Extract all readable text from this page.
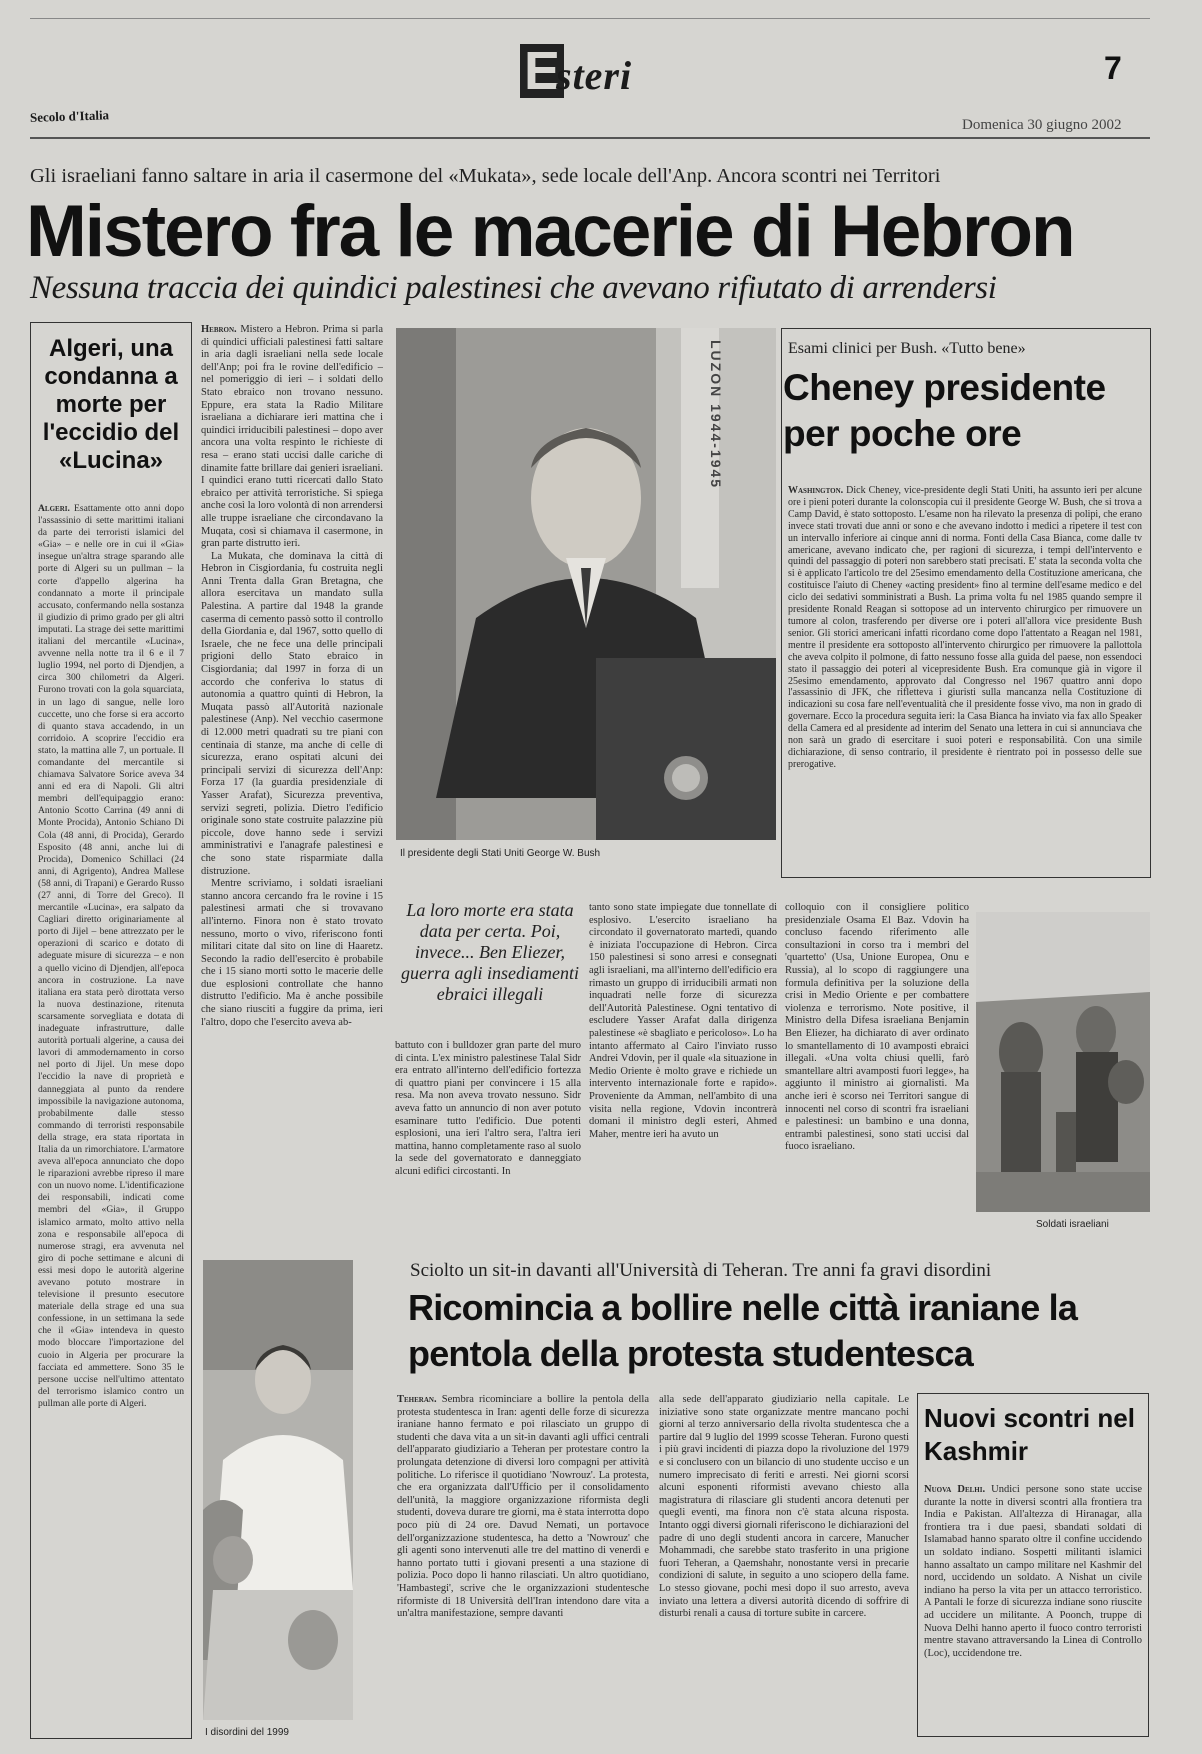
E
steri	7
Secolo d'Italia
Domenica 30 giugno 2002
Gli israeliani fanno saltare in aria il casermone del «Mukata», sede locale dell'Anp. Ancora scontri nei Territori
Mistero fra le macerie di Hebron
Nessuna traccia dei quindici palestinesi che avevano rifiutato di arrendersi
Algeri, una condanna a morte per l'eccidio del «Lucina»
Algeri. Esattamente otto anni dopo l'assassinio di sette marittimi italiani da parte dei terroristi islamici del «Gia» – e nelle ore in cui il «Gia» insegue un'altra strage sparando alle porte di Algeri su un pullman – la corte d'appello algerina ha condannato a morte il principale accusato, confermando nella sostanza il giudizio di primo grado per gli altri imputati. La strage dei sette marittimi italiani del mercantile «Lucina», avvenne nella notte tra il 6 e il 7 luglio 1994, nel porto di Djendjen, a circa 300 chilometri da Algeri. Furono trovati con la gola squarciata, in un lago di sangue, nelle loro cuccette, uno che forse si era accorto di quanto stava accadendo, in un corridoio. A scoprire l'eccidio era stato, la mattina alle 7, un portuale. Il comandante del mercantile si chiamava Salvatore Sorice aveva 34 anni ed era di Napoli. Gli altri membri dell'equipaggio erano: Antonio Scotto Carrina (49 anni di Monte Procida), Antonio Schiano Di Cola (48 anni, di Procida), Gerardo Esposito (48 anni, anche lui di Procida), Domenico Schillaci (24 anni, di Agrigento), Andrea Mallese (58 anni, di Trapani) e Gerardo Russo (27 anni, di Torre del Greco). Il mercantile «Lucina», era salpato da Cagliari diretto originariamente al porto di Jijel – bene attrezzato per le operazioni di scarico e dotato di adeguate misure di sicurezza – e non a quello vicino di Djendjen, all'epoca ancora in costruzione. La nave italiana era stata però dirottata verso la nuova destinazione, ritenuta scarsamente sorvegliata e dotata di inadeguate infrastrutture, dalle autorità portuali algerine, a causa dei lavori di ammodernamento in corso nel porto di Jijel. Un mese dopo l'eccidio la nave di proprietà e danneggiata al punto da rendere impossibile la navigazione autonoma, probabilmente dalle stesso commando di terroristi responsabile della strage, era stata riportata in Italia da un rimorchiatore. L'armatore aveva all'epoca annunciato che dopo le riparazioni avrebbe ripreso il mare con un nuovo nome. L'identificazione dei responsabili, indicati come membri del «Gia», il Gruppo islamico armato, molto attivo nella zona e responsabile all'epoca di numerose stragi, era avvenuta nel giro di poche settimane e alcuni di essi mesi dopo le autorità algerine avevano potuto mostrare in televisione il presunto esecutore materiale della strage ed una sua confessione, in un settimana la sede che il «Gia» intendeva in questo modo bloccare l'importazione del cuoio in Algeria per procurare la facciata ed ammettere. Sono 35 le persone uccise nell'ultimo attentato del terrorismo islamico contro un pullman alle porte di Algeri.

Hebron. Mistero a Hebron. Prima si parla di quindici ufficiali palestinesi fatti saltare in aria dagli israeliani nella sede locale dell'Anp; poi fra le rovine dell'edificio – nel pomeriggio di ieri – i soldati dello Stato ebraico non trovano nessuno. Eppure, era stata la Radio Militare israeliana a dichiarare ieri mattina che i quindici irriducibili palestinesi – dopo aver ancora una volta respinto le richieste di resa – erano stati uccisi dalle cariche di dinamite fatte brillare dai genieri israeliani. I quindici erano tutti ricercati dallo Stato ebraico per attività terroristiche. Si spiega anche così la loro volontà di non arrendersi alle truppe israeliane che circondavano la Muqata, così si chiamava il casermone, in gran parte distrutto ieri.

La Mukata, che dominava la città di Hebron in Cisgiordania, fu costruita negli Anni Trenta dalla Gran Bretagna, che allora esercitava un mandato sulla Palestina. A partire dal 1948 la grande caserma di cemento passò sotto il controllo della Giordania e, dal 1967, sotto quello di Israele, che ne fece una delle principali prigioni dello Stato ebraico in Cisgiordania; dal 1997 in forza di un accordo che conferiva lo status di autonomia a quattro quinti di Hebron, la Muqata passò all'Autorità nazionale palestinese (Anp). Nel vecchio casermone di 12.000 metri quadrati su tre piani con centinaia di stanze, ma anche di celle di sicurezza, erano ospitati alcuni dei principali servizi di sicurezza dell'Anp: Forza 17 (la guardia presidenziale di Yasser Arafat), Sicurezza preventiva, servizi segreti, polizia. Dietro l'edificio originale sono state costruite palazzine più piccole, dove hanno sede i servizi amministrativi e l'anagrafe palestinesi e che sono state risparmiate dalla distruzione.

Mentre scriviamo, i soldati israeliani stanno ancora cercando fra le rovine i 15 palestinesi armati che si trovavano all'interno. Finora non è stato trovato nessuno, morto o vivo, riferiscono fonti militari citate dal sito on line di Haaretz. Secondo la radio dell'esercito è probabile che i 15 siano morti sotto le macerie delle due esplosioni controllate che hanno distrutto l'edificio. Ma è anche possibile che siano riusciti a fuggire da prima, ieri l'altro, dopo che l'esercito aveva ab-

LUZON 1944-1945
Il presidente degli Stati Uniti George W. Bush
Esami clinici per Bush. «Tutto bene»
Cheney presidente per poche ore
Washington. Dick Cheney, vice-presidente degli Stati Uniti, ha assunto ieri per alcune ore i pieni poteri durante la colonscopia cui il presidente George W. Bush, che si trova a Camp David, è stato sottoposto. L'esame non ha rilevato la presenza di polipi, che erano invece stati trovati due anni or sono e che avevano indotto i medici a ripetere il test con un intervallo inferiore ai cinque anni di norma. Fonti della Casa Bianca, come dalle tv americane, avevano indicato che, per ragioni di sicurezza, i tempi dell'intervento e quindi del passaggio di poteri non sarebbero stati precisati. E' stata la seconda volta che si è applicato l'articolo tre del 25esimo emendamento della Costituzione americana, che costituisce l'aiuto di Cheney «acting president» fino al termine dell'esame medico e del ciclo dei sedativi somministrati a Bush. La prima volta fu nel 1985 quando sempre il presidente Ronald Reagan si sottopose ad un intervento chirurgico per rimuovere un tumore al colon, trasferendo per diverse ore i poteri all'allora vice presidente Bush senior. Gli storici americani infatti ricordano come dopo l'attentato a Reagan nel 1981, mentre il presidente era sottoposto all'intervento chirurgico per rimuovere la pallottola che aveva colpito il polmone, di fatto nessuno fosse alla guida del paese, non essendoci stato il passaggio dei poteri al vicepresidente Bush. Era comunque già in vigore il 25esimo emendamento, approvato dal Congresso nel 1967 quattro anni dopo l'assassinio di JFK, che rifletteva i giuristi sulla mancanza nella Costituzione di indicazioni su cosa fare nell'eventualità che il presidente fosse vivo, ma non in grado di governare. Ecco la procedura seguita ieri: la Casa Bianca ha inviato via fax allo Speaker della Camera ed al presidente ad interim del Senato una lettera in cui si annunciava che non sarà un grado di esercitare i suoi poteri e responsabilità. Con una simile dichiarazione, di senso contrario, il presidente è rientrato poi in possesso delle sue prerogative.
La loro morte era stata data per certa. Poi, invece... Ben Eliezer, guerra agli insediamenti ebraici illegali

battuto con i bulldozer gran parte del muro di cinta. L'ex ministro palestinese Talal Sidr era entrato all'interno dell'edificio fortezza di quattro piani per convincere i 15 alla resa. Ma non aveva trovato nessuno. Sidr aveva fatto un annuncio di non aver potuto esaminare tutto l'edificio. Due potenti esplosioni, una ieri l'altro sera, l'altra ieri mattina, hanno completamente raso al suolo la sede del governatorato e danneggiato alcuni edifici circostanti. In

tanto sono state impiegate due tonnellate di esplosivo. L'esercito israeliano ha circondato il governatorato martedì, quando è iniziata l'occupazione di Hebron. Circa 150 palestinesi si sono arresi e consegnati agli israeliani, ma all'interno dell'edificio era rimasto un gruppo di irriducibili armati non inquadrati nelle forze di sicurezza dell'Autorità Palestinese. Ogni tentativo di escludere Yasser Arafat dalla dirigenza palestinese «è sbagliato e pericoloso». Lo ha intanto affermato al Cairo l'inviato russo Andrei Vdovin, per il quale «la situazione in Medio Oriente è molto grave e richiede un intervento internazionale forte e rapido». Proveniente da Amman, nell'ambito di una visita nella regione, Vdovin incontrerà domani il ministro degli esteri, Ahmed Maher, mentre ieri ha avuto un

colloquio con il consigliere politico presidenziale Osama El Baz. Vdovin ha concluso facendo riferimento alle consultazioni in corso tra i membri del 'quartetto' (Usa, Unione Europea, Onu e Russia), al lo scopo di raggiungere una formula definitiva per la soluzione della crisi in Medio Oriente e per combattere violenza e terrorismo. Note positive, il Ministro della Difesa israeliana Benjamin Ben Eliezer, ha dichiarato di aver ordinato lo smantellamento di 10 avamposti ebraici illegali. «Una volta chiusi quelli, farò smantellare altri avamposti fuori legge», ha aggiunto il ministro ai giornalisti. Ma anche ieri è scorso nei Territori sangue di innocenti nel corso di scontri fra israeliani e palestinesi: un bambino e una donna, entrambi palestinesi, sono stati uccisi dal fuoco israeliano.

Soldati israeliani
I disordini del 1999
Sciolto un sit-in davanti all'Università di Teheran. Tre anni fa gravi disordini
Ricomincia a bollire nelle città iraniane la pentola della protesta studentesca

Teheran. Sembra ricominciare a bollire la pentola della protesta studentesca in Iran: agenti delle forze di sicurezza iraniane hanno fermato e poi rilasciato un gruppo di studenti che dava vita a un sit-in davanti agli uffici centrali dell'apparato giudiziario a Teheran per protestare contro la prolungata detenzione di diversi loro compagni per attività politiche. Lo riferisce il quotidiano 'Nowrouz'. La protesta, che era organizzata dall'Ufficio per il consolidamento dell'unità, la maggiore organizzazione riformista degli studenti, doveva durare tre giorni, ma è stata interrotta dopo poco più di 24 ore. Davud Nemati, un portavoce dell'organizzazione studentesca, ha detto a 'Nowrouz' che gli agenti sono intervenuti alle tre del mattino di venerdì e hanno portato tutti i giovani presenti a una stazione di polizia. Poco dopo li hanno rilasciati. Un altro quotidiano, 'Hambastegi', scrive che le organizzazioni studentesche riformiste di 18 Università dell'Iran intendono dare vita a un'altra manifestazione, sempre davanti

alla sede dell'apparato giudiziario nella capitale. Le iniziative sono state organizzate mentre mancano pochi giorni al terzo anniversario della rivolta studentesca che a partire dal 9 luglio del 1999 scosse Teheran. Furono questi i più gravi incidenti di piazza dopo la rivoluzione del 1979 e si conclusero con un bilancio di uno studente ucciso e un numero imprecisato di feriti e arresti. Nei giorni scorsi alcuni esponenti riformisti avevano chiesto alla magistratura di rilasciare gli studenti ancora detenuti per quegli eventi, ma finora non c'è stata alcuna risposta. Intanto oggi diversi giornali riferiscono le dichiarazioni del padre di uno degli studenti ancora in carcere, Manucher Mohammadi, che sarebbe stato trasferito in una prigione fuori Teheran, a Qaemshahr, nonostante versi in precarie condizioni di salute, in seguito a uno sciopero della fame. Lo stesso giovane, pochi mesi dopo il suo arresto, aveva inviato una lettera a diversi autorità dicendo di soffrire di disturbi renali a causa di torture subite in carcere.

Nuovi scontri nel Kashmir
Nuova Delhi. Undici persone sono state uccise durante la notte in diversi scontri alla frontiera tra India e Pakistan. All'altezza di Hiranagar, alla frontiera tra i due paesi, sbandati soldati di Islamabad hanno sparato oltre il confine uccidendo un soldato indiano. Sospetti militanti islamici hanno assaltato un campo militare nel Kashmir del nord, uccidendo un soldato. A Nishat un civile indiano ha perso la vita per un attacco terroristico. A Pantali le forze di sicurezza indiane sono riuscite ad uccidere un militante. A Poonch, truppe di Nuova Delhi hanno aperto il fuoco contro terroristi mentre stavano attraversando la Linea di Controllo (Loc), uccidendone tre.
